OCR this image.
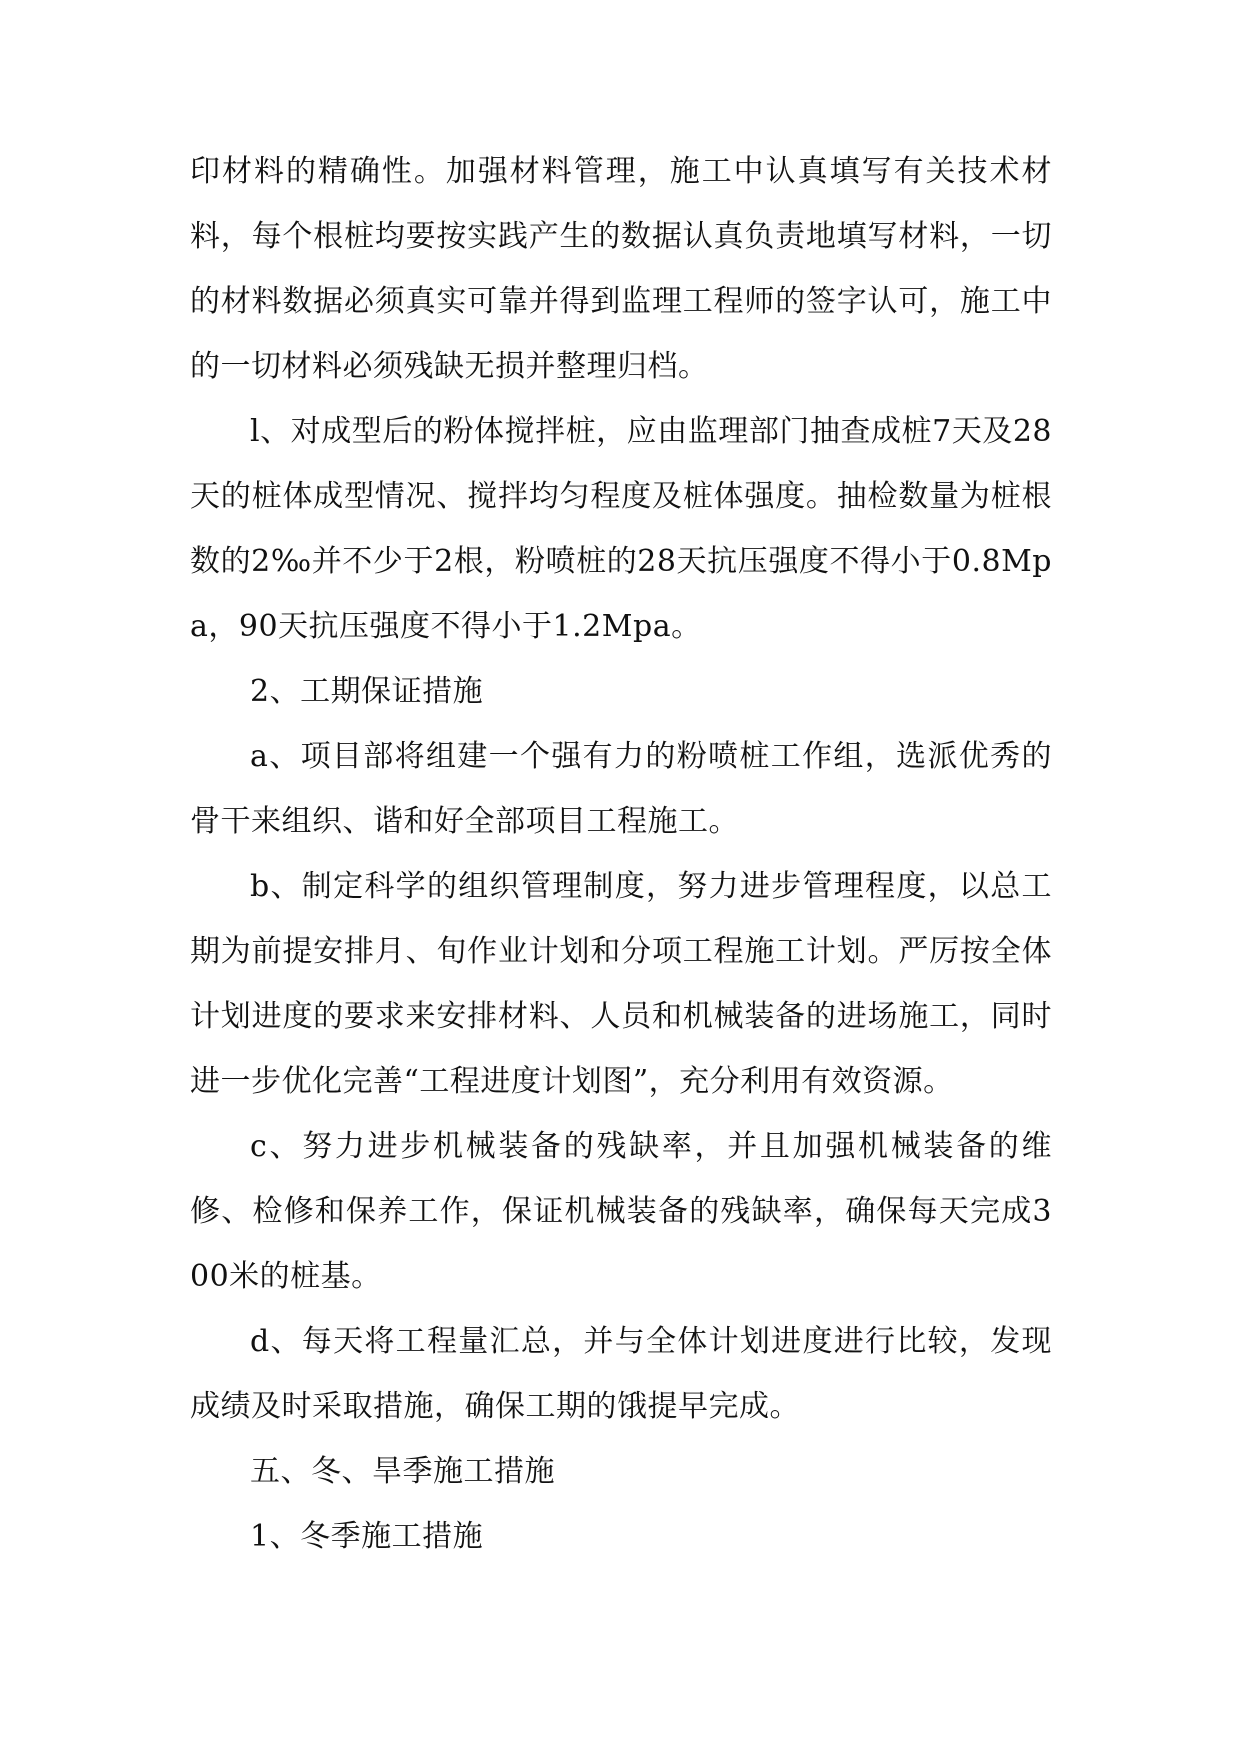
印材料的精确性。加强材料管理，施工中认真填写有关技术材料，每个根桩均要按实践产生的数据认真负责地填写材料，一切的材料数据必须真实可靠并得到监理工程师的签字认可，施工中的一切材料必须残缺无损并整理归档。

l、对成型后的粉体搅拌桩，应由监理部门抽查成桩7天及28天的桩体成型情况、搅拌均匀程度及桩体强度。抽检数量为桩根数的2‰并不少于2根，粉喷桩的28天抗压强度不得小于0.8Mpa，90天抗压强度不得小于1.2Mpa。

2、工期保证措施

a、项目部将组建一个强有力的粉喷桩工作组，选派优秀的骨干来组织、谐和好全部项目工程施工。

b、制定科学的组织管理制度，努力进步管理程度，以总工期为前提安排月、旬作业计划和分项工程施工计划。严厉按全体计划进度的要求来安排材料、人员和机械装备的进场施工，同时进一步优化完善“工程进度计划图”，充分利用有效资源。

c、努力进步机械装备的残缺率，并且加强机械装备的维修、检修和保养工作，保证机械装备的残缺率，确保每天完成300米的桩基。

d、每天将工程量汇总，并与全体计划进度进行比较，发现成绩及时采取措施，确保工期的饿提早完成。

五、冬、旱季施工措施

1、冬季施工措施
